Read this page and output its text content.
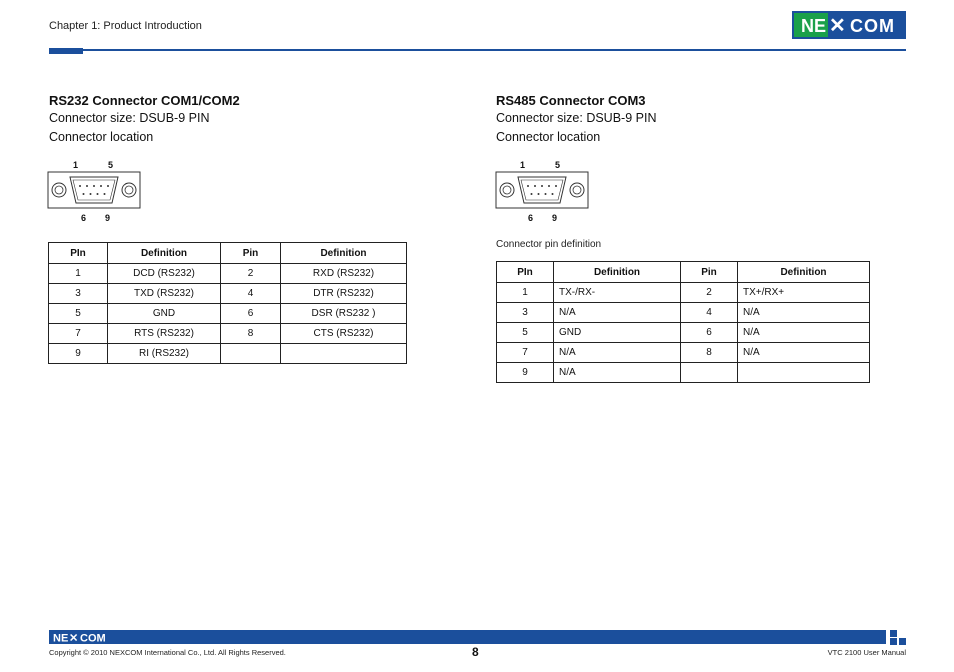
Chapter 1: Product Introduction	N E ✕ COM
RS232 Connector COM1/COM2
Connector size: DSUB-9 PIN
Connector location
1	5
6 9
PIn	Definition	Pin	Definition
1	DCD (RS232)	2	RXD (RS232)
3	TXD (RS232)	4	DTR (RS232)
5	GND	6	DSR (RS232 )
7	RTS (RS232)	8	CTS (RS232)
9	RI (RS232)		
RS485 Connector COM3
Connector size: DSUB-9 PIN
Connector location
1	5
6 9
Connector pin definition
PIn	Definition	Pin	Definition
1	TX-/RX-	2	TX+/RX+
3	N/A	4	N/A
5	GND	6	N/A
7	N/A	8	N/A
9	N/A		
NE ✕ COM
Copyright © 2010 NEXCOM International Co., Ltd. All Rights Reserved.	8	VTC 2100 User Manual
